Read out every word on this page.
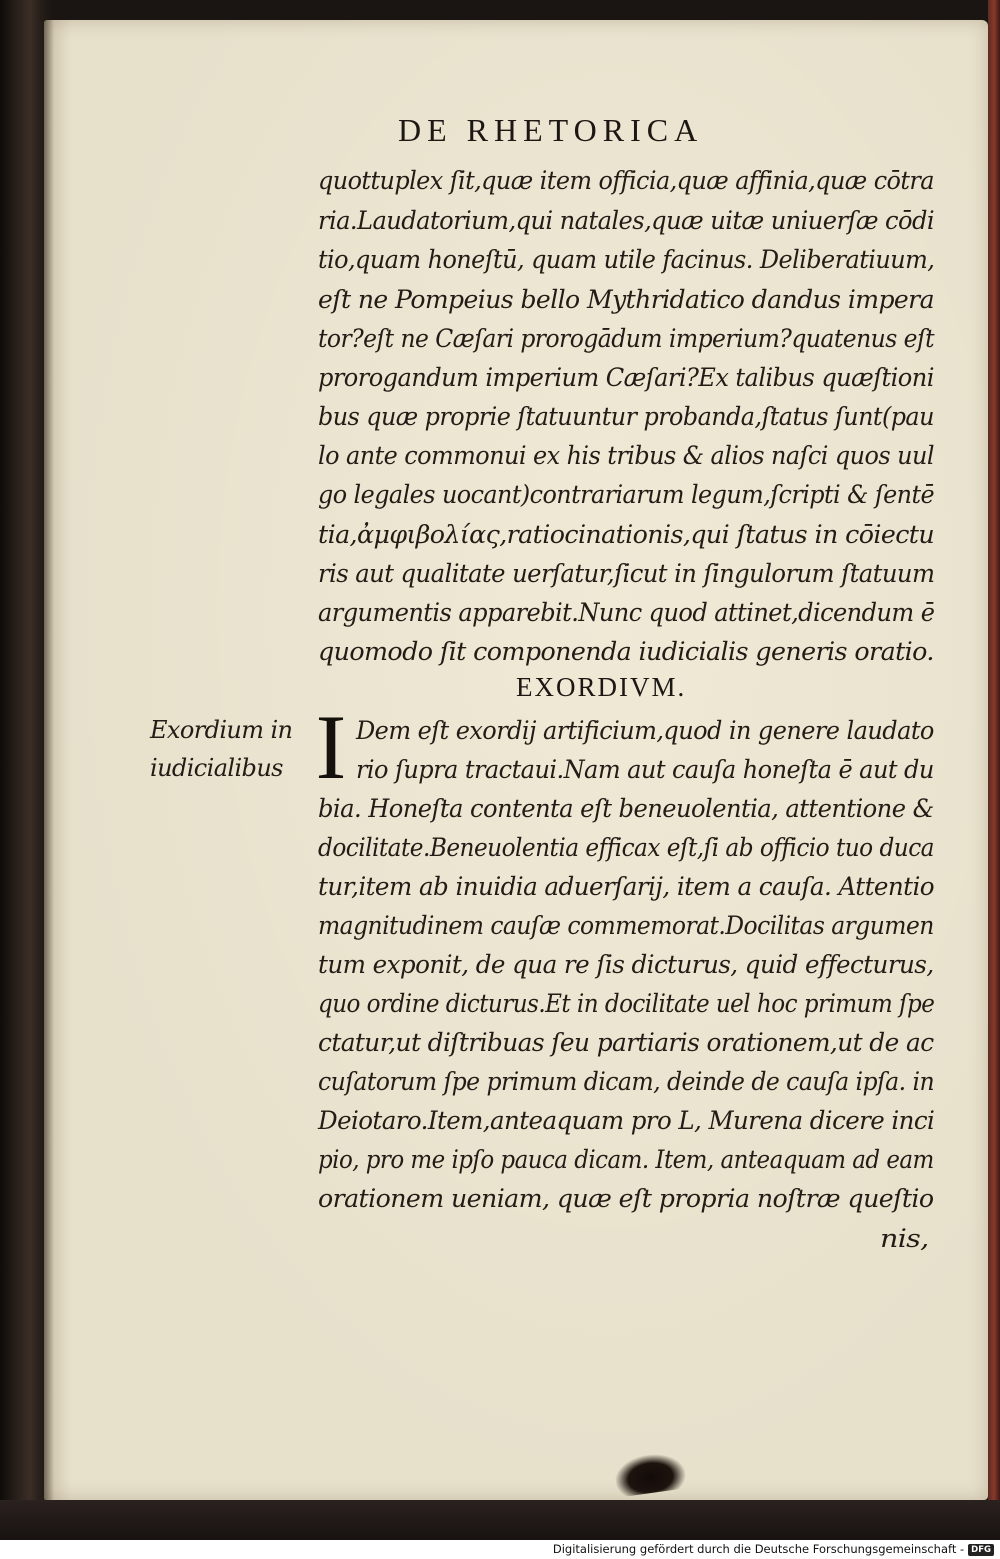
DE RHETORICA
quottuplex ſit,quæ item officia,quæ affinia,quæ cōtra
ria.Laudatorium,qui natales,quæ uitæ uniuerſæ cōdi
tio,quam honeſtū, quam utile facinus. Deliberatiuum,
eſt ne Pompeius bello Mythridatico dandus impera
tor?eſt ne Cæſari prorogādum imperium?quatenus eſt
prorogandum imperium Cæſari?Ex talibus quæſtioni
bus quæ proprie ſtatuuntur probanda,ſtatus ſunt(pau
lo ante commonui ex his tribus & alios naſci quos uul
go legales uocant)contrariarum legum,ſcripti & ſentē
tia,ἀμφιβολίας,ratiocinationis,qui ſtatus in cōiectu
ris aut qualitate uerſatur,ſicut in ſingulorum ſtatuum
argumentis apparebit.Nunc quod attinet,dicendum ē
quomodo ſit componenda iudicialis generis oratio.
EXORDIVM.
Exordium in
iudicialibus I Dem eſt exordij artificium,quod in genere laudato
rio ſupra tractaui.Nam aut cauſa honeſta ē aut du
bia. Honeſta contenta eſt beneuolentia, attentione &
docilitate.Beneuolentia efficax eſt,ſi ab officio tuo duca
tur,item ab inuidia aduerſarij, item a cauſa. Attentio
magnitudinem cauſæ commemorat.Docilitas argumen
tum exponit, de qua re ſis dicturus, quid effecturus,
quo ordine dicturus.Et in docilitate uel hoc primum ſpe
ctatur,ut diſtribuas ſeu partiaris orationem,ut de ac
cuſatorum ſpe primum dicam, deinde de cauſa ipſa. in
Deiotaro.Item,anteaquam pro L, Murena dicere inci
pio, pro me ipſo pauca dicam. Item, anteaquam ad eam
orationem ueniam, quæ eſt propria noſtræ queſtio
nis,
Digitalisierung gefördert durch die Deutsche Forschungsgemeinschaft - DFG
